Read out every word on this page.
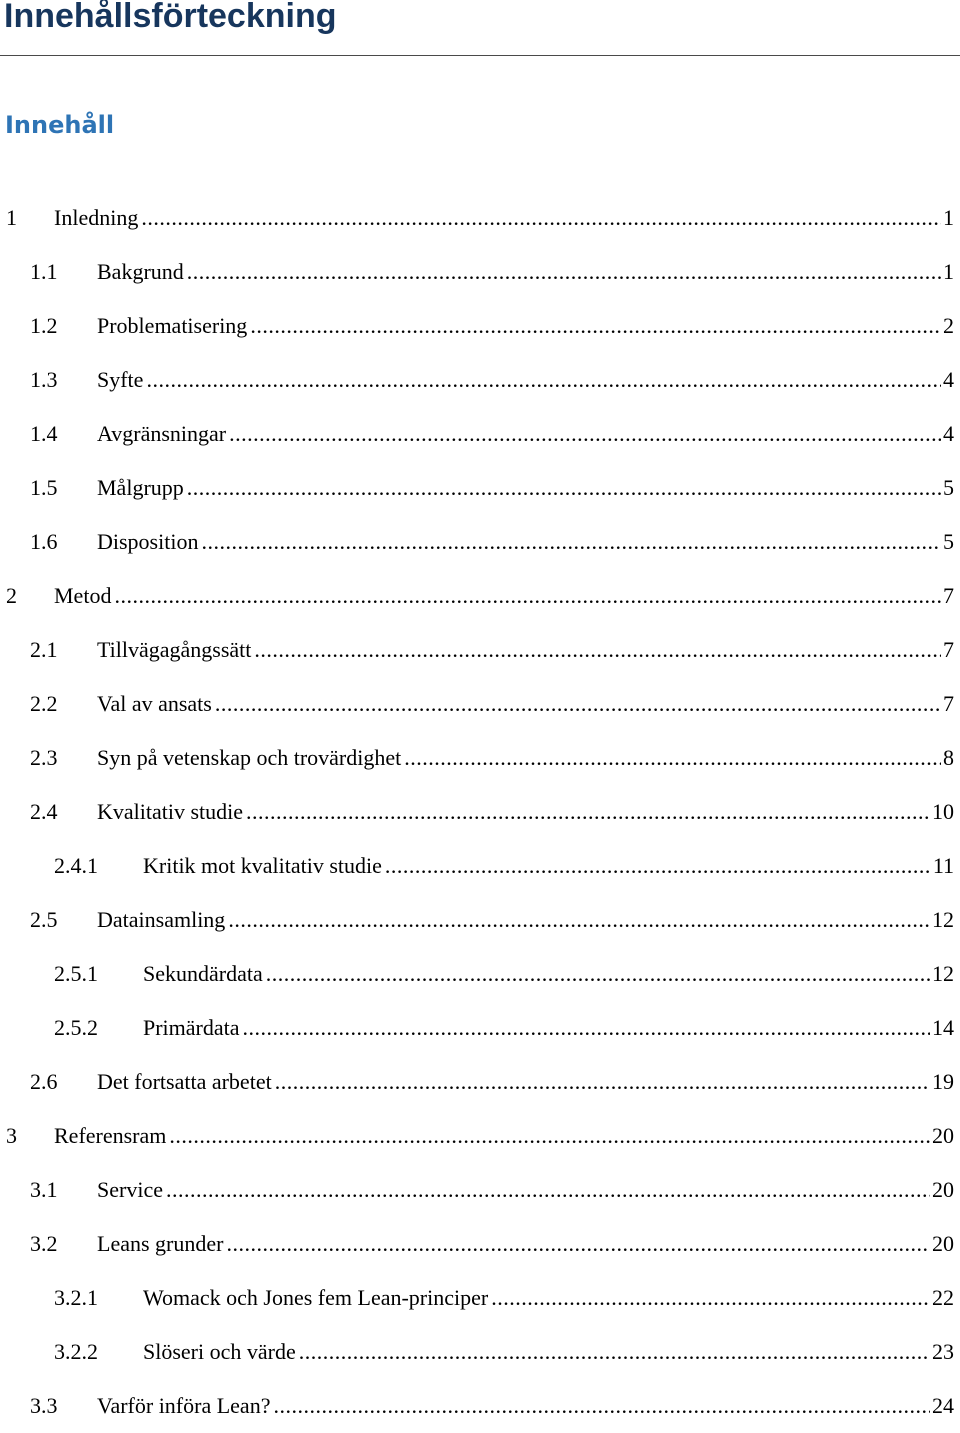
Innehållsförteckning
Innehåll
1	Inledning .....	1
1.1	Bakgrund .....	1
1.2	Problematisering .....	2
1.3	Syfte .....	4
1.4	Avgränsningar .....	4
1.5	Målgrupp .....	5
1.6	Disposition .....	5
2	Metod .....	7
2.1	Tillvägagångssätt .....	7
2.2	Val av ansats .....	7
2.3	Syn på vetenskap och trovärdighet .....	8
2.4	Kvalitativ studie .....	10
2.4.1	Kritik mot kvalitativ studie .....	11
2.5	Datainsamling .....	12
2.5.1	Sekundärdata .....	12
2.5.2	Primärdata .....	14
2.6	Det fortsatta arbetet .....	19
3	Referensram .....	20
3.1	Service .....	20
3.2	Leans grunder .....	20
3.2.1	Womack och Jones fem Lean-principer .....	22
3.2.2	Slöseri och värde .....	23
3.3	Varför införa Lean? .....	24
